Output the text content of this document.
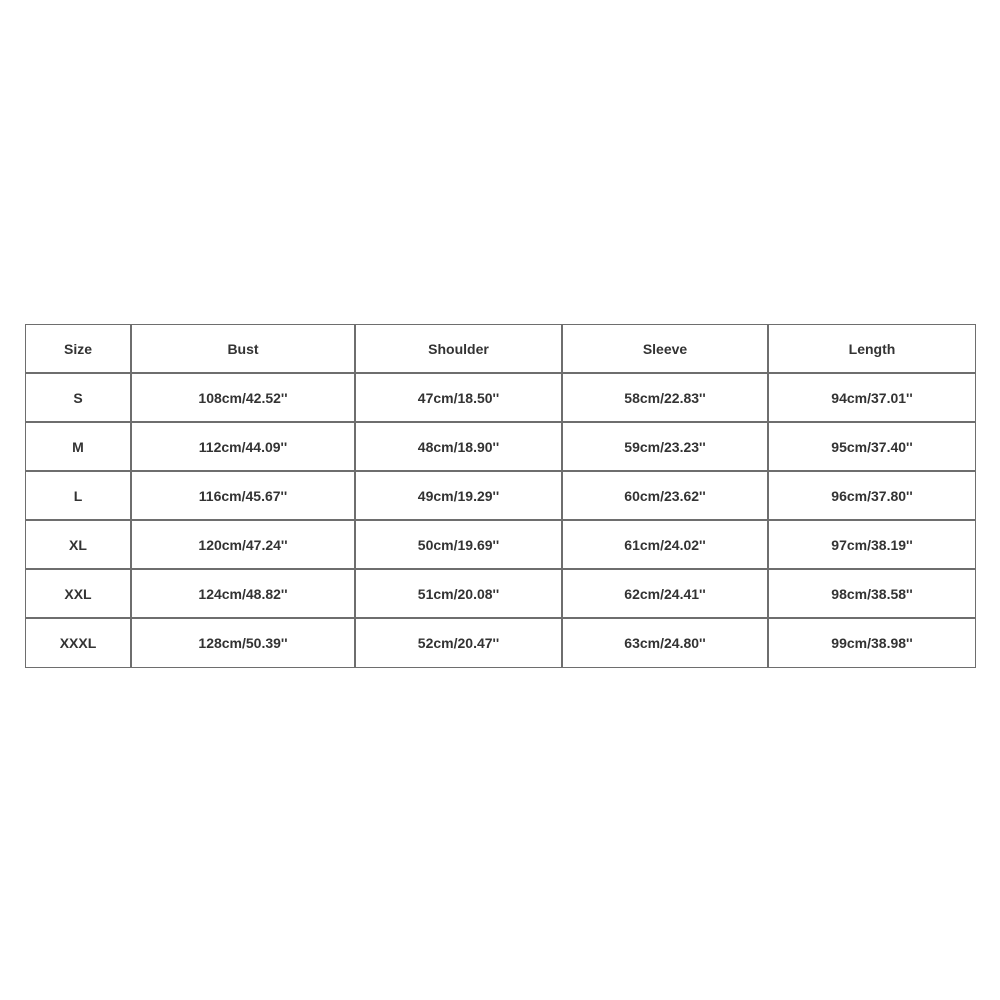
Size	Bust	Shoulder	Sleeve	Length
S	108cm/42.52''	47cm/18.50''	58cm/22.83''	94cm/37.01''
M	112cm/44.09''	48cm/18.90''	59cm/23.23''	95cm/37.40''
L	116cm/45.67''	49cm/19.29''	60cm/23.62''	96cm/37.80''
XL	120cm/47.24''	50cm/19.69''	61cm/24.02''	97cm/38.19''
XXL	124cm/48.82''	51cm/20.08''	62cm/24.41''	98cm/38.58''
XXXL	128cm/50.39''	52cm/20.47''	63cm/24.80''	99cm/38.98''
